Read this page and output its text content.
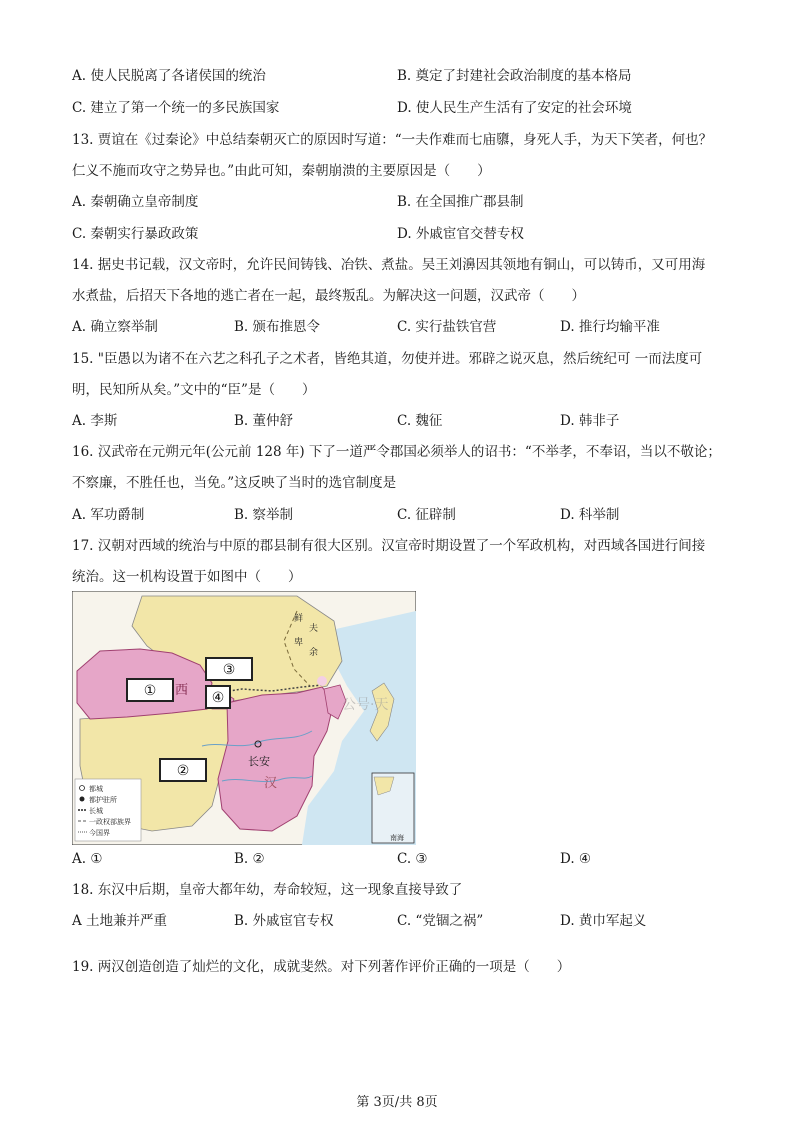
A. 使人民脱离了各诸侯国的统治	B. 奠定了封建社会政治制度的基本格局
C. 建立了第一个统一的多民族国家	D. 使人民生产生活有了安定的社会环境
13. 贾谊在《过秦论》中总结秦朝灭亡的原因时写道：“一夫作难而七庙隳，身死人手，为天下笑者，何也？
仁义不施而攻守之势异也。”由此可知，秦朝崩溃的主要原因是（　　）
A. 秦朝确立皇帝制度	B. 在全国推广郡县制
C. 秦朝实行暴政政策	D. 外戚宦官交替专权
14. 据史书记载，汉文帝时，允许民间铸钱、冶铁、煮盐。吴王刘濞因其领地有铜山，可以铸币，又可用海
水煮盐，后招天下各地的逃亡者在一起，最终叛乱。为解决这一问题，汉武帝（　　）
A. 确立察举制	B. 颁布推恩令	C. 实行盐铁官营	D. 推行均输平准
15. "臣愚以为诸不在六艺之科孔子之术者，皆绝其道，勿使并进。邪辟之说灭息，然后统纪可 一而法度可
明，民知所从矣。”文中的“臣”是（　　）
A. 李斯	B. 董仲舒	C. 魏征	D. 韩非子
16. 汉武帝在元朔元年(公元前 128 年) 下了一道严令郡国必须举人的诏书：“不举孝，不奉诏，当以不敬论；
不察廉，不胜任也，当免。”这反映了当时的选官制度是
A. 军功爵制	B. 察举制	C. 征辟制	D. 科举制
17. 汉朝对西域的统治与中原的郡县制有很大区别。汉宣帝时期设置了一个军政机构，对西域各国进行间接
统治。这一机构设置于如图中（　　）
西
汉
长安
夫
余
鲜
卑
公号·天
①
②
③
④
都城
都护驻所
长城
一政权部族界
今国界
南海
A. ①	B. ②	C. ③	D. ④
18. 东汉中后期，皇帝大都年幼，寿命较短，这一现象直接导致了
A 土地兼并严重	B. 外戚宦官专权	C. “党锢之祸”	D. 黄巾军起义
19. 两汉创造创造了灿烂的文化，成就斐然。对下列著作评价正确的一项是（　　）
第 3页/共 8页
